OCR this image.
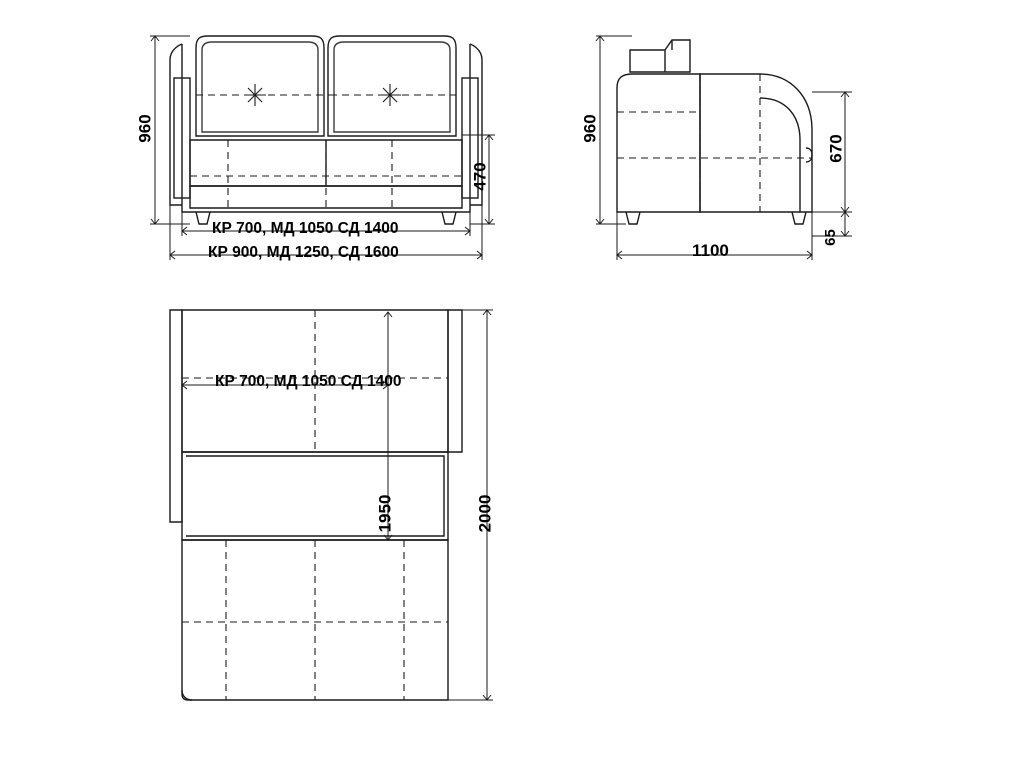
960
470
КР 700, МД 1050 СД 1400
КР 900, МД 1250, СД 1600
960
670
1100
65
КР 700, МД 1050 СД 1400
1950	2000
